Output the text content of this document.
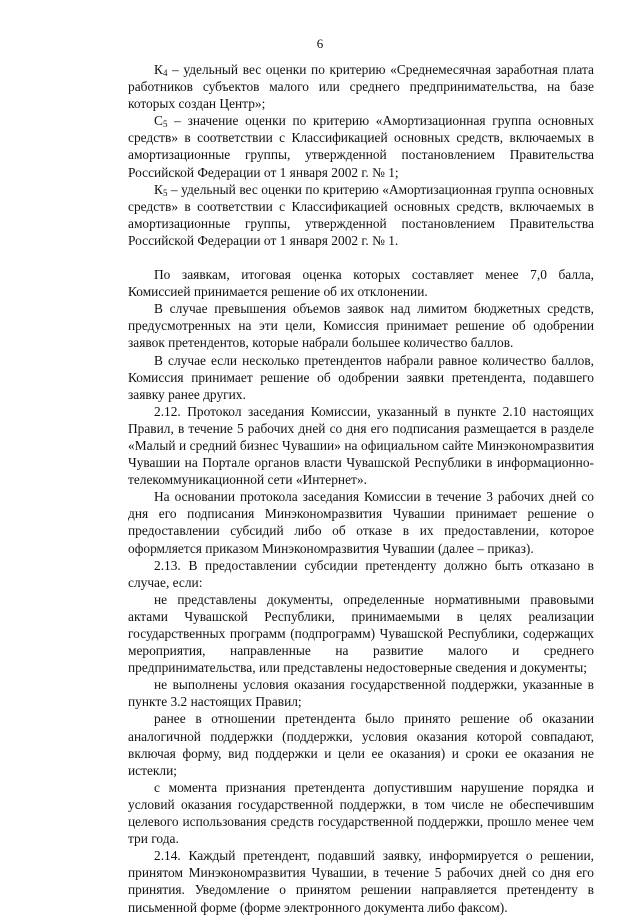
6

$К_4$ – удельный вес оценки по критерию «Среднемесячная заработная плата работников субъектов малого или среднего предпринимательства, на базе которых создан Центр»;

$С_5$ – значение оценки по критерию «Амортизационная группа основных средств» в соответствии с Классификацией основных средств, включаемых в амортизационные группы, утвержденной постановлением Правительства Российской Федерации от 1 января 2002 г. № 1;

$К_5$ – удельный вес оценки по критерию «Амортизационная группа основных средств» в соответствии с Классификацией основных средств, включаемых в амортизационные группы, утвержденной постановлением Правительства Российской Федерации от 1 января 2002 г. № 1.

По заявкам, итоговая оценка которых составляет менее 7,0 балла, Комиссией принимается решение об их отклонении.

В случае превышения объемов заявок над лимитом бюджетных средств, предусмотренных на эти цели, Комиссия принимает решение об одобрении заявок претендентов, которые набрали большее количество баллов.

В случае если несколько претендентов набрали равное количество баллов, Комиссия принимает решение об одобрении заявки претендента, подавшего заявку ранее других.

2.12. Протокол заседания Комиссии, указанный в пункте 2.10 настоящих Правил, в течение 5 рабочих дней со дня его подписания размещается в разделе «Малый и средний бизнес Чувашии» на официальном сайте Минэкономразвития Чувашии на Портале органов власти Чувашской Республики в информационно-телекоммуникационной сети «Интернет».

На основании протокола заседания Комиссии в течение 3 рабочих дней со дня его подписания Минэкономразвития Чувашии принимает решение о предоставлении субсидий либо об отказе в их предоставлении, которое оформляется приказом Минэкономразвития Чувашии (далее – приказ).

2.13. В предоставлении субсидии претенденту должно быть отказано в случае, если:

не представлены документы, определенные нормативными правовыми актами Чувашской Республики, принимаемыми в целях реализации государственных программ (подпрограмм) Чувашской Республики, содержащих мероприятия, направленные на развитие малого и среднего предпринимательства, или представлены недостоверные сведения и документы;

не выполнены условия оказания государственной поддержки, указанные в пункте 3.2 настоящих Правил;

ранее в отношении претендента было принято решение об оказании аналогичной поддержки (поддержки, условия оказания которой совпадают, включая форму, вид поддержки и цели ее оказания) и сроки ее оказания не истекли;

с момента признания претендента допустившим нарушение порядка и условий оказания государственной поддержки, в том числе не обеспечившим целевого использования средств государственной поддержки, прошло менее чем три года.

2.14. Каждый претендент, подавший заявку, информируется о решении, принятом Минэкономразвития Чувашии, в течение 5 рабочих дней со дня его принятия. Уведомление о принятом решении направляется претенденту в письменной форме (форме электронного документа либо факсом).
